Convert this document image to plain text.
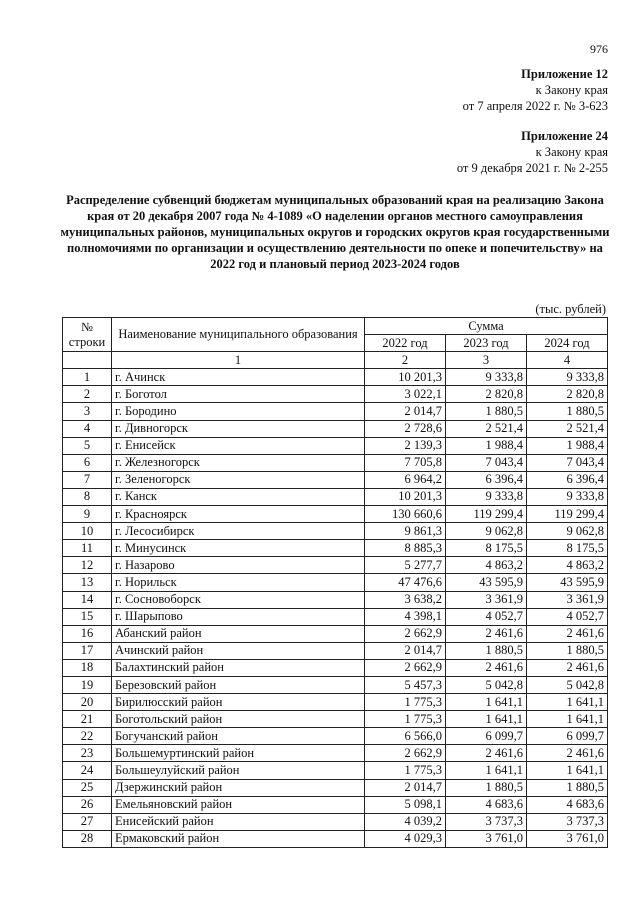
976
Приложение 12
к Закону края
от 7 апреля 2022 г. № 3-623
Приложение 24
к Закону края
от 9 декабря 2021 г. № 2-255
Распределение субвенций бюджетам муниципальных образований края на реализацию Закона края от 20 декабря 2007 года № 4-1089 «О наделении органов местного самоуправления муниципальных районов, муниципальных округов и городских округов края государственными полномочиями по организации и осуществлению деятельности по опеке и попечительству» на 2022 год и плановый период 2023-2024 годов
(тыс. рублей)
№ строки	Наименование муниципального образования	Сумма		
		2022 год	2023 год	2024 год
	1	2	3	4
1	г. Ачинск	10 201,3	9 333,8	9 333,8
2	г. Боготол	3 022,1	2 820,8	2 820,8
3	г. Бородино	2 014,7	1 880,5	1 880,5
4	г. Дивногорск	2 728,6	2 521,4	2 521,4
5	г. Енисейск	2 139,3	1 988,4	1 988,4
6	г. Железногорск	7 705,8	7 043,4	7 043,4
7	г. Зеленогорск	6 964,2	6 396,4	6 396,4
8	г. Канск	10 201,3	9 333,8	9 333,8
9	г. Красноярск	130 660,6	119 299,4	119 299,4
10	г. Лесосибирск	9 861,3	9 062,8	9 062,8
11	г. Минусинск	8 885,3	8 175,5	8 175,5
12	г. Назарово	5 277,7	4 863,2	4 863,2
13	г. Норильск	47 476,6	43 595,9	43 595,9
14	г. Сосновоборск	3 638,2	3 361,9	3 361,9
15	г. Шарыпово	4 398,1	4 052,7	4 052,7
16	Абанский район	2 662,9	2 461,6	2 461,6
17	Ачинский район	2 014,7	1 880,5	1 880,5
18	Балахтинский район	2 662,9	2 461,6	2 461,6
19	Березовский район	5 457,3	5 042,8	5 042,8
20	Бирилюсский район	1 775,3	1 641,1	1 641,1
21	Боготольский район	1 775,3	1 641,1	1 641,1
22	Богучанский район	6 566,0	6 099,7	6 099,7
23	Большемуртинский район	2 662,9	2 461,6	2 461,6
24	Большеулуйский район	1 775,3	1 641,1	1 641,1
25	Дзержинский район	2 014,7	1 880,5	1 880,5
26	Емельяновский район	5 098,1	4 683,6	4 683,6
27	Енисейский район	4 039,2	3 737,3	3 737,3
28	Ермаковский район	4 029,3	3 761,0	3 761,0
